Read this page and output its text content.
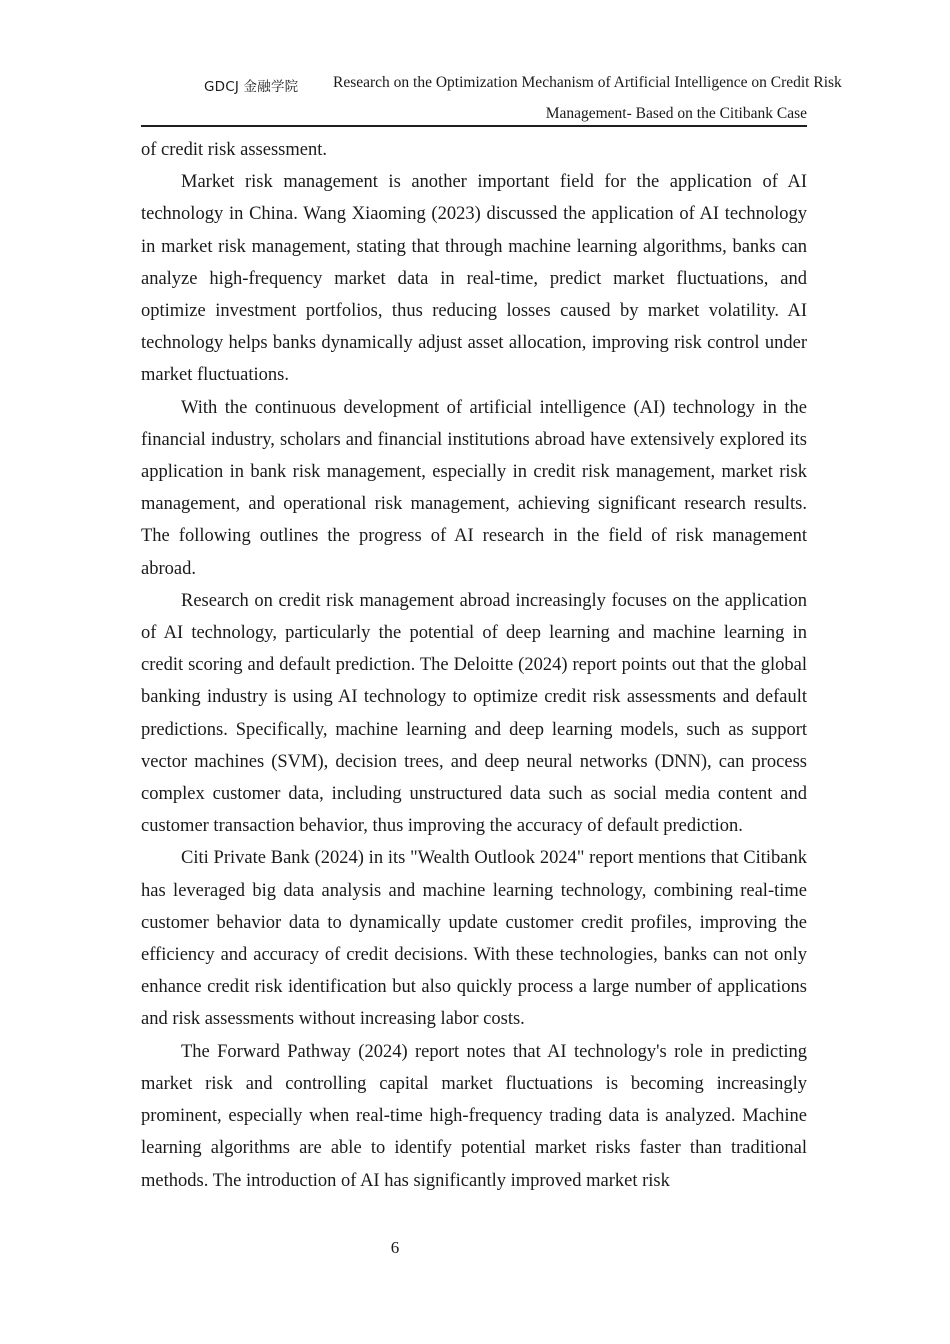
GDCJ 金融学院 Research on the Optimization Mechanism of Artificial Intelligence on Credit Risk
Management- Based on the Citibank Case

of credit risk assessment.

Market risk management is another important field for the application of AI technology in China. Wang Xiaoming (2023) discussed the application of AI technology in market risk management, stating that through machine learning algorithms, banks can analyze high-frequency market data in real-time, predict market fluctuations, and optimize investment portfolios, thus reducing losses caused by market volatility. AI technology helps banks dynamically adjust asset allocation, improving risk control under market fluctuations.

With the continuous development of artificial intelligence (AI) technology in the financial industry, scholars and financial institutions abroad have extensively explored its application in bank risk management, especially in credit risk management, market risk management, and operational risk management, achieving significant research results. The following outlines the progress of AI research in the field of risk management abroad.

Research on credit risk management abroad increasingly focuses on the application of AI technology, particularly the potential of deep learning and machine learning in credit scoring and default prediction. The Deloitte (2024) report points out that the global banking industry is using AI technology to optimize credit risk assessments and default predictions. Specifically, machine learning and deep learning models, such as support vector machines (SVM), decision trees, and deep neural networks (DNN), can process complex customer data, including unstructured data such as social media content and customer transaction behavior, thus improving the accuracy of default prediction.

Citi Private Bank (2024) in its "Wealth Outlook 2024" report mentions that Citibank has leveraged big data analysis and machine learning technology, combining real-time customer behavior data to dynamically update customer credit profiles, improving the efficiency and accuracy of credit decisions. With these technologies, banks can not only enhance credit risk identification but also quickly process a large number of applications and risk assessments without increasing labor costs.

The Forward Pathway (2024) report notes that AI technology's role in predicting market risk and controlling capital market fluctuations is becoming increasingly prominent, especially when real-time high-frequency trading data is analyzed. Machine learning algorithms are able to identify potential market risks faster than traditional methods. The introduction of AI has significantly improved market risk

6
